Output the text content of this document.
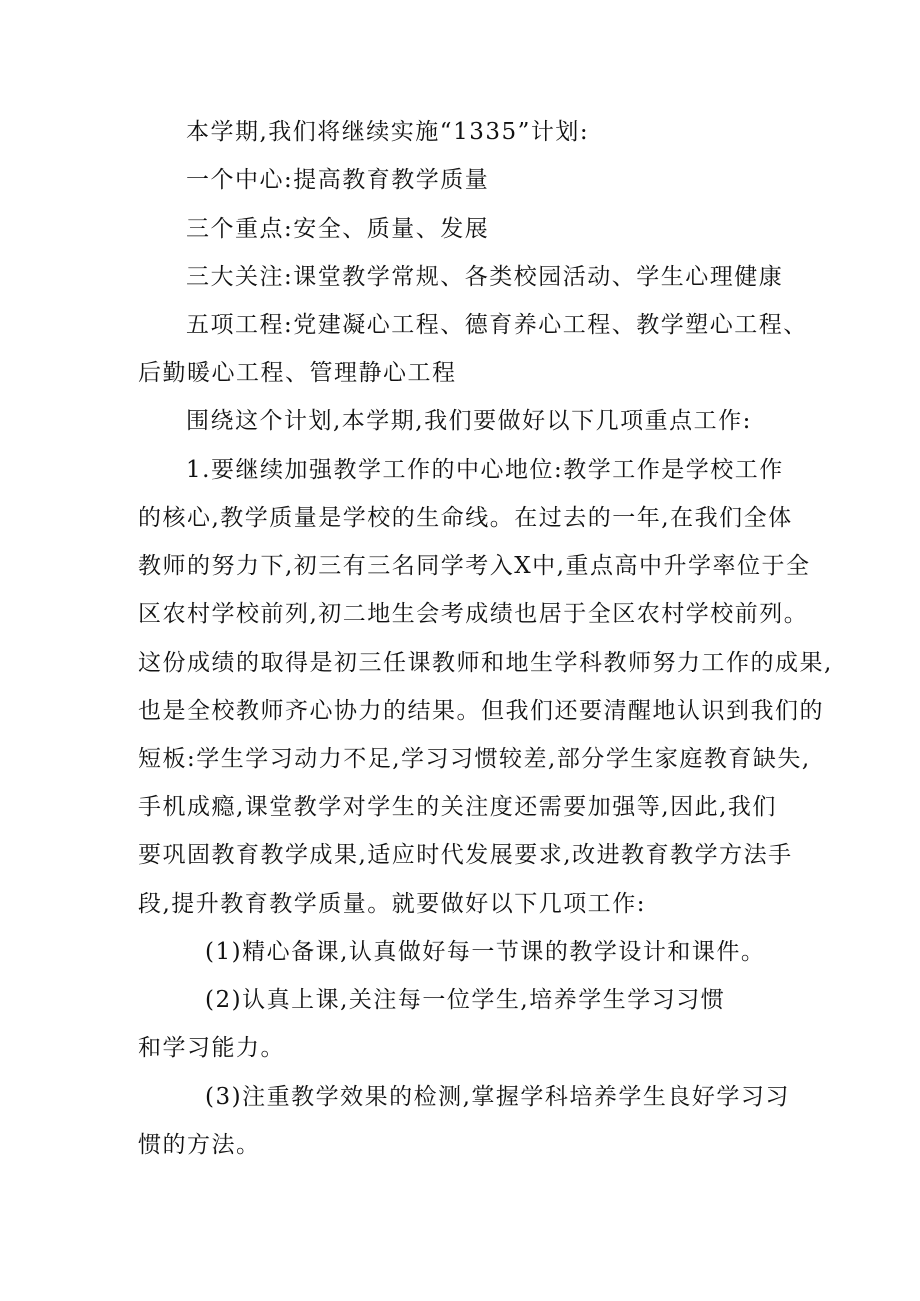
本学期,我们将继续实施“1335”计划:
一个中心:提高教育教学质量
三个重点:安全、质量、发展
三大关注:课堂教学常规、各类校园活动、学生心理健康
五项工程:党建凝心工程、德育养心工程、教学塑心工程、
后勤暖心工程、管理静心工程
围绕这个计划,本学期,我们要做好以下几项重点工作:
1.要继续加强教学工作的中心地位:教学工作是学校工作
的核心,教学质量是学校的生命线。在过去的一年,在我们全体
教师的努力下,初三有三名同学考入X中,重点高中升学率位于全
区农村学校前列,初二地生会考成绩也居于全区农村学校前列。
这份成绩的取得是初三任课教师和地生学科教师努力工作的成果,
也是全校教师齐心协力的结果。但我们还要清醒地认识到我们的
短板:学生学习动力不足,学习习惯较差,部分学生家庭教育缺失,
手机成瘾,课堂教学对学生的关注度还需要加强等,因此,我们
要巩固教育教学成果,适应时代发展要求,改进教育教学方法手
段,提升教育教学质量。就要做好以下几项工作:
(1)精心备课,认真做好每一节课的教学设计和课件。
(2)认真上课,关注每一位学生,培养学生学习习惯
和学习能力。
(3)注重教学效果的检测,掌握学科培养学生良好学习习
惯的方法。
